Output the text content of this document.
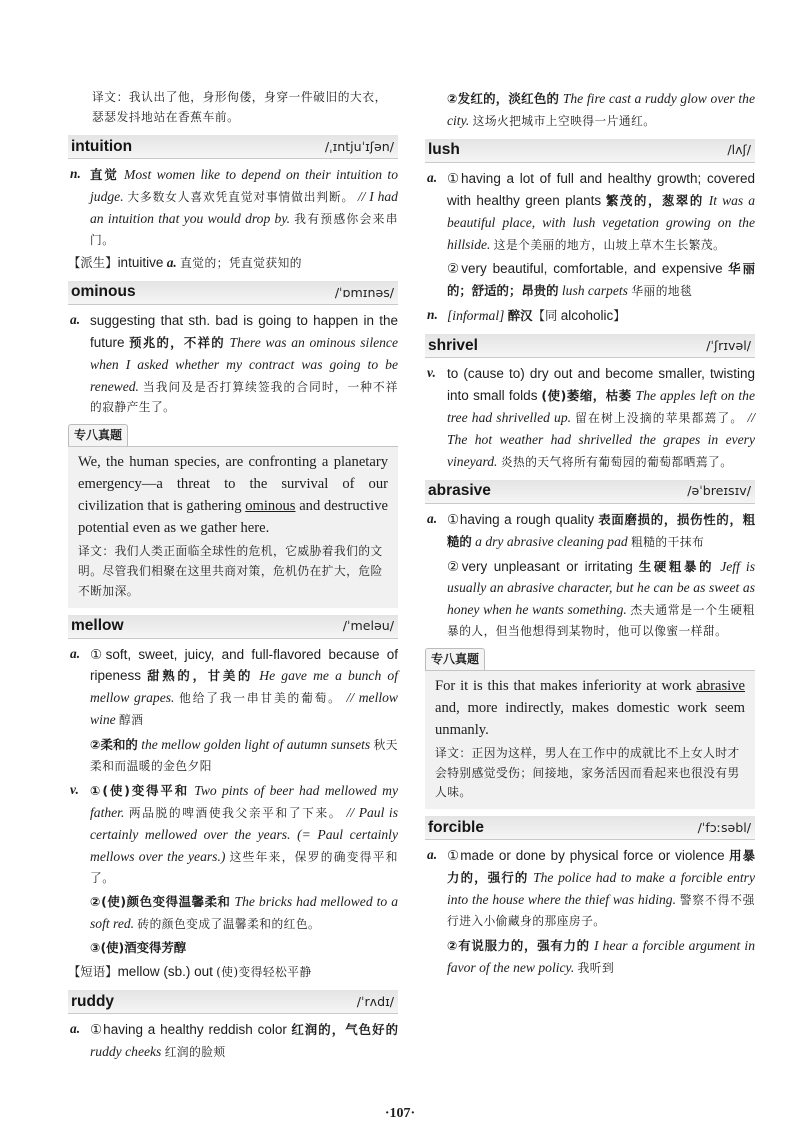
译文：我认出了他，身形佝偻，身穿一件破旧的大衣，瑟瑟发抖地站在香蕉车前。
intuition	/ˌɪntjuˈɪʃən/
n. 直觉 Most women like to depend on their intuition to judge. 大多数女人喜欢凭直觉对事情做出判断。 // I had an intuition that you would drop by. 我有预感你会来串门。
【派生】intuitive a. 直觉的；凭直觉获知的
ominous	/ˈɒmɪnəs/
a. suggesting that sth. bad is going to happen in the future 预兆的，不祥的 There was an ominous silence when I asked whether my contract was going to be renewed. 当我问及是否打算续签我的合同时，一种不祥的寂静产生了。
专八真题
We, the human species, are confronting a planetary emergency—a threat to the survival of our civilization that is gathering ominous and destructive potential even as we gather here.
译文：我们人类正面临全球性的危机，它威胁着我们的文明。尽管我们相聚在这里共商对策，危机仍在扩大，危险不断加深。
mellow	/ˈmeləu/
a. ①soft, sweet, juicy, and full-flavored because of ripeness 甜熟的，甘美的 He gave me a bunch of mellow grapes. 他给了我一串甘美的葡萄。 // mellow wine 醇酒
②柔和的 the mellow golden light of autumn sunsets 秋天柔和而温暖的金色夕阳
v. ①(使)变得平和 Two pints of beer had mellowed my father. 两品脱的啤酒使我父亲平和了下来。 // Paul is certainly mellowed over the years. (= Paul certainly mellows over the years.) 这些年来，保罗的确变得平和了。
②(使)颜色变得温馨柔和 The bricks had mellowed to a soft red. 砖的颜色变成了温馨柔和的红色。
③(使)酒变得芳醇
【短语】mellow (sb.) out (使)变得轻松平静
ruddy	/ˈrʌdɪ/
a. ①having a healthy reddish color 红润的，气色好的 ruddy cheeks 红润的脸颊
②发红的，淡红色的 The fire cast a ruddy glow over the city. 这场火把城市上空映得一片通红。
lush	/lʌʃ/
a. ①having a lot of full and healthy growth; covered with healthy green plants 繁茂的，葱翠的 It was a beautiful place, with lush vegetation growing on the hillside. 这是个美丽的地方，山坡上草木生长繁茂。
②very beautiful, comfortable, and expensive 华丽的；舒适的；昂贵的 lush carpets 华丽的地毯
n. [informal] 醉汉【同 alcoholic】
shrivel	/ˈʃrɪvəl/
v. to (cause to) dry out and become smaller, twisting into small folds (使)萎缩，枯萎 The apples left on the tree had shrivelled up. 留在树上没摘的苹果都蔫了。 // The hot weather had shrivelled the grapes in every vineyard. 炎热的天气将所有葡萄园的葡萄都晒蔫了。
abrasive	/əˈbreɪsɪv/
a. ①having a rough quality 表面磨损的，损伤性的，粗糙的 a dry abrasive cleaning pad 粗糙的干抹布
②very unpleasant or irritating 生硬粗暴的 Jeff is usually an abrasive character, but he can be as sweet as honey when he wants something. 杰夫通常是一个生硬粗暴的人，但当他想得到某物时，他可以像蜜一样甜。
专八真题
For it is this that makes inferiority at work abrasive and, more indirectly, makes domestic work seem unmanly.
译文：正因为这样，男人在工作中的成就比不上女人时才会特别感觉受伤；间接地，家务活因而看起来也很没有男人味。
forcible	/ˈfɔːsəbl/
a. ①made or done by physical force or violence 用暴力的，强行的 The police had to make a forcible entry into the house where the thief was hiding. 警察不得不强行进入小偷藏身的那座房子。
②有说服力的，强有力的 I hear a forcible argument in favor of the new policy. 我听到
·107·
